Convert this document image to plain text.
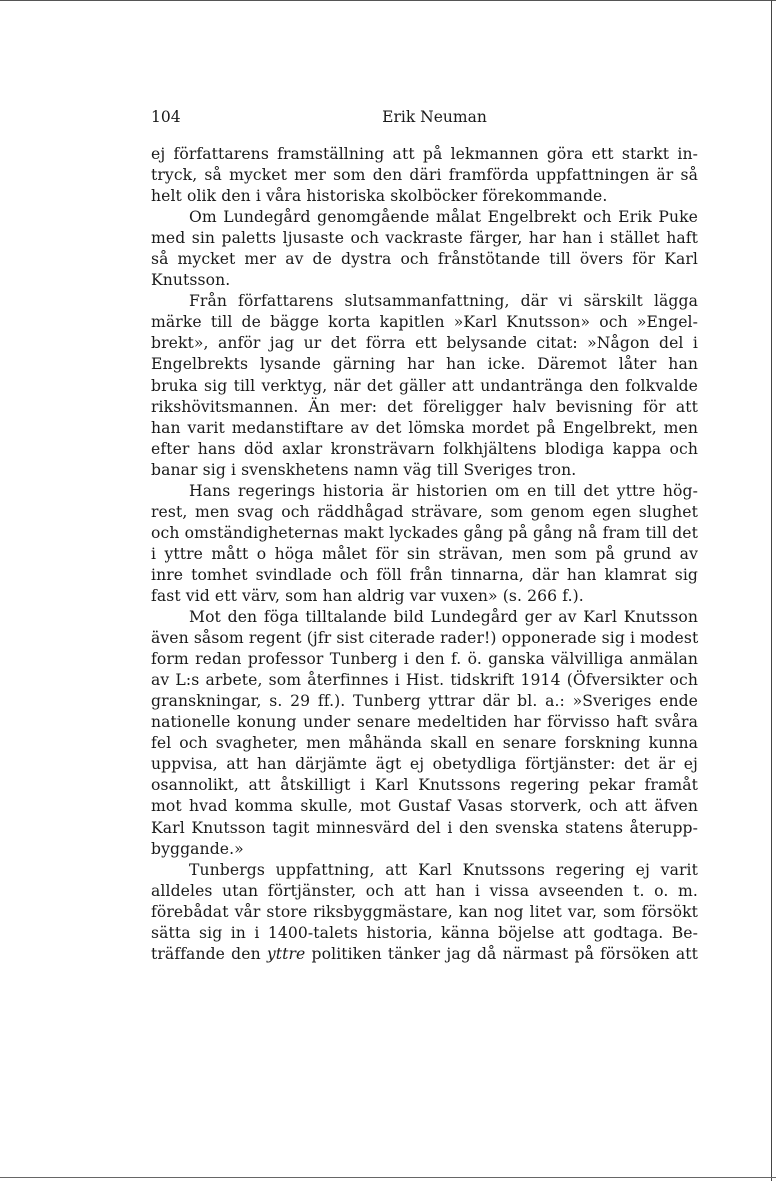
104	Erik Neuman
ej författarens framställning att på lekmannen göra ett starkt in-
tryck, så mycket mer som den däri framförda uppfattningen är så
helt olik den i våra historiska skolböcker förekommande.
Om Lundegård genomgående målat Engelbrekt och Erik Puke
med sin paletts ljusaste och vackraste färger, har han i stället haft
så mycket mer av de dystra och frånstötande till övers för Karl
Knutsson.
Från författarens slutsammanfattning, där vi särskilt lägga
märke till de bägge korta kapitlen »Karl Knutsson» och »Engel-
brekt», anför jag ur det förra ett belysande citat: »Någon del i
Engelbrekts lysande gärning har han icke. Däremot låter han
bruka sig till verktyg, när det gäller att undantränga den folkvalde
rikshövitsmannen. Än mer: det föreligger halv bevisning för att
han varit medanstiftare av det lömska mordet på Engelbrekt, men
efter hans död axlar kronsträvarn folkhjältens blodiga kappa och
banar sig i svenskhetens namn väg till Sveriges tron.
Hans regerings historia är historien om en till det yttre hög-
rest, men svag och räddhågad strävare, som genom egen slughet
och omständigheternas makt lyckades gång på gång nå fram till det
i yttre mått o höga målet för sin strävan, men som på grund av
inre tomhet svindlade och föll från tinnarna, där han klamrat sig
fast vid ett värv, som han aldrig var vuxen» (s. 266 f.).
Mot den föga tilltalande bild Lundegård ger av Karl Knutsson
även såsom regent (jfr sist citerade rader!) opponerade sig i modest
form redan professor Tunberg i den f. ö. ganska välvilliga anmälan
av L:s arbete, som återfinnes i Hist. tidskrift 1914 (Öfversikter och
granskningar, s. 29 ff.). Tunberg yttrar där bl. a.: »Sveriges ende
nationelle konung under senare medeltiden har förvisso haft svåra
fel och svagheter, men måhända skall en senare forskning kunna
uppvisa, att han därjämte ägt ej obetydliga förtjänster: det är ej
osannolikt, att åtskilligt i Karl Knutssons regering pekar framåt
mot hvad komma skulle, mot Gustaf Vasas storverk, och att äfven
Karl Knutsson tagit minnesvärd del i den svenska statens återupp-
byggande.»
Tunbergs uppfattning, att Karl Knutssons regering ej varit
alldeles utan förtjänster, och att han i vissa avseenden t. o. m.
förebådat vår store riksbyggmästare, kan nog litet var, som försökt
sätta sig in i 1400-talets historia, känna böjelse att godtaga. Be-
träffande den yttre politiken tänker jag då närmast på försöken att
